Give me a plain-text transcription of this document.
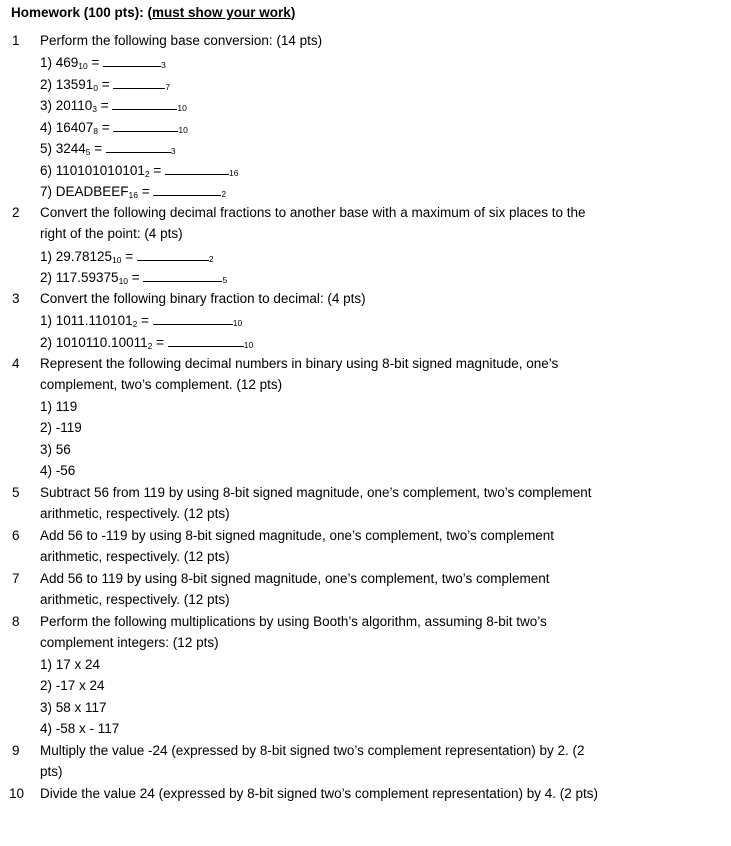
Homework (100 pts): (must show your work)
1 Perform the following base conversion: (14 pts)
1) $469_{10}$ =	3
2) $13591_0$ =	7
3) $20110_3$ =	10
4) $16407_8$ =	10
5) $3244_5$ =	3
6) $110101010101_2$ =	16
7) $DEADBEEF_{16}$ =	2
2 Convert the following decimal fractions to another base with a maximum of six places to the
right of the point: (4 pts)
1) $29.78125_{10}$ =	2
2) $117.59375_{10}$ =	5
3 Convert the following binary fraction to decimal: (4 pts)
1) $1011.110101_2$ =	10
2) $1010110.10011_2$ =	10
4 Represent the following decimal numbers in binary using 8-bit signed magnitude, one’s
complement, two’s complement. (12 pts)
1) 119
2) -119
3) 56
4) -56
5 Subtract 56 from 119 by using 8-bit signed magnitude, one’s complement, two’s complement
arithmetic, respectively. (12 pts)
6 Add 56 to -119 by using 8-bit signed magnitude, one’s complement, two’s complement
arithmetic, respectively. (12 pts)
7 Add 56 to 119 by using 8-bit signed magnitude, one’s complement, two’s complement
arithmetic, respectively. (12 pts)
8 Perform the following multiplications by using Booth’s algorithm, assuming 8-bit two’s
complement integers: (12 pts)
1) 17 x 24
2) -17 x 24
3) 58 x 117
4) -58 x - 117
9 Multiply the value -24 (expressed by 8-bit signed two’s complement representation) by 2. (2
pts)
10 Divide the value 24 (expressed by 8-bit signed two’s complement representation) by 4. (2 pts)
